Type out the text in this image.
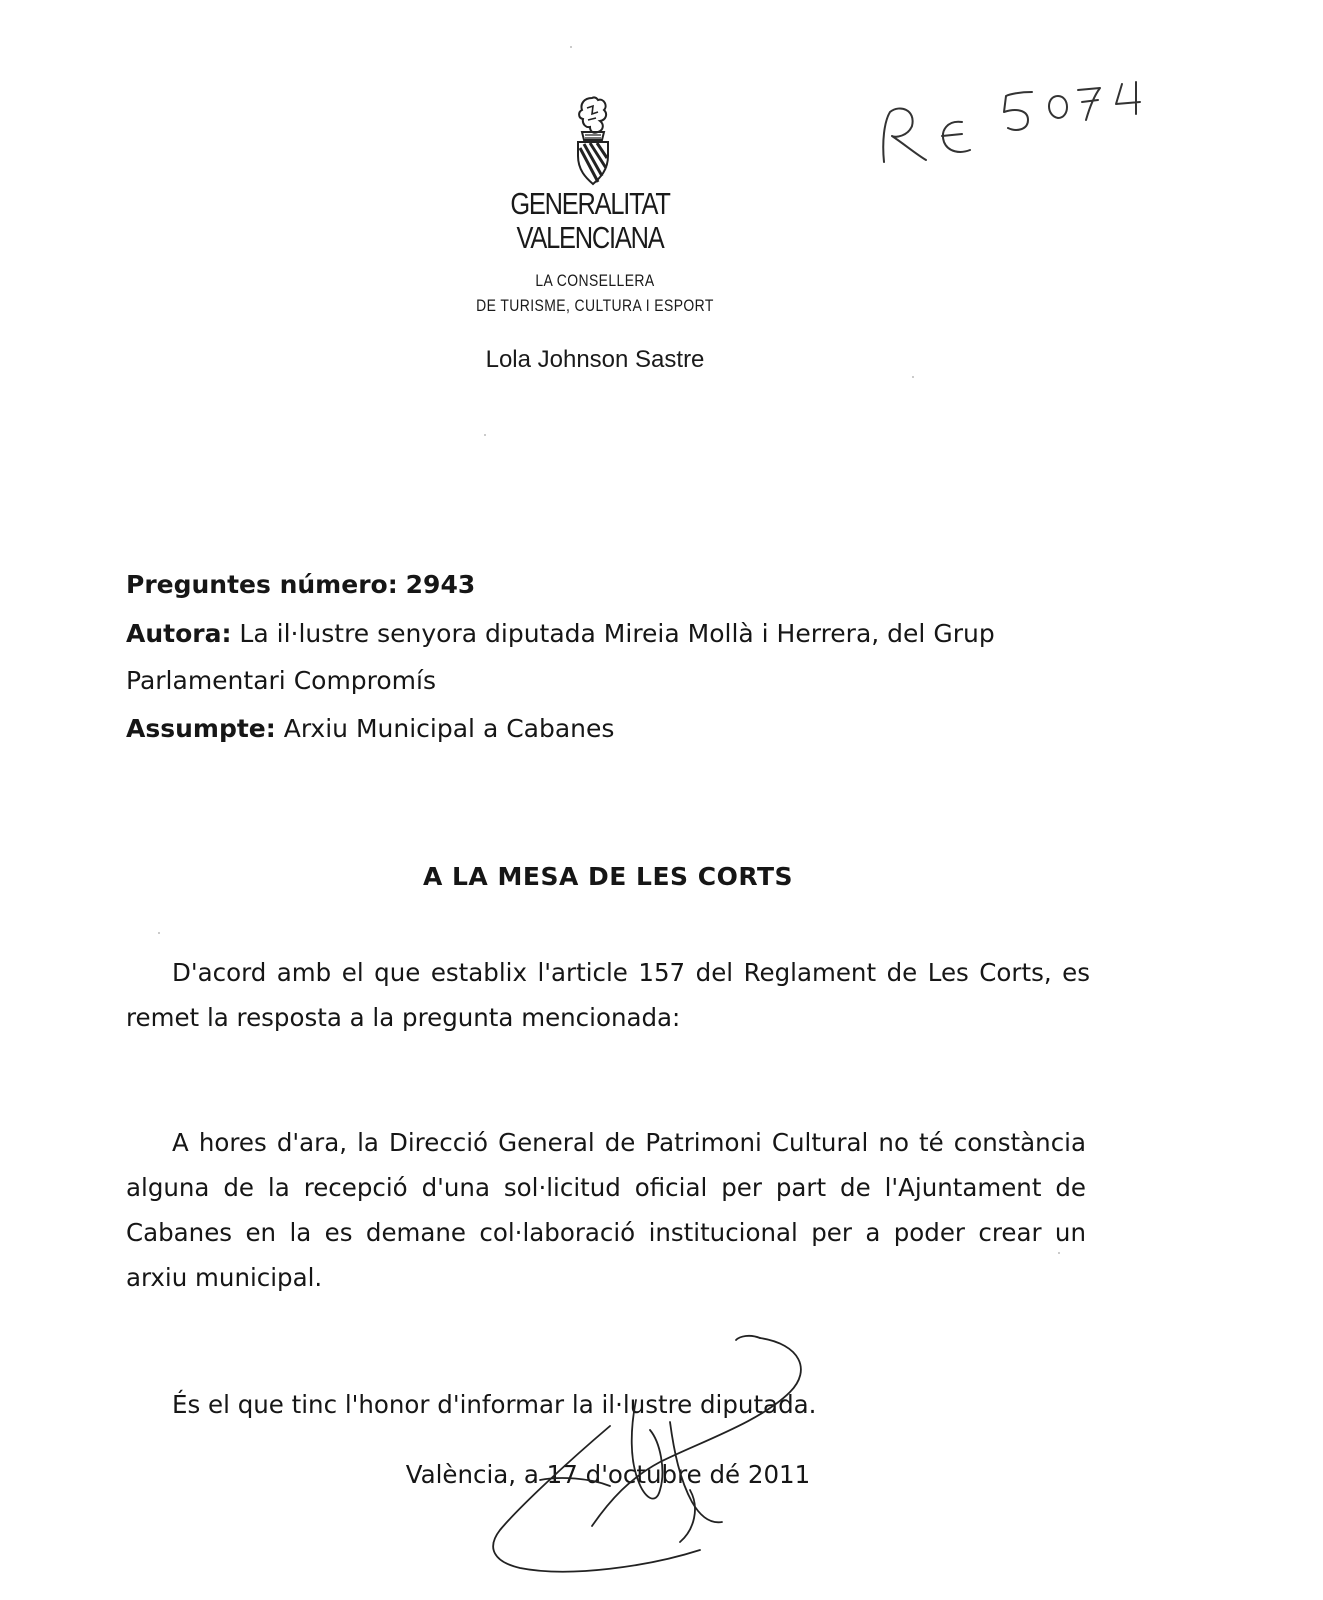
GENERALITAT
VALENCIANA
LA CONSELLERA
DE TURISME, CULTURA I ESPORT
Lola Johnson Sastre
Preguntes número: 2943
Autora: La il·lustre senyora diputada Mireia Mollà i Herrera, del Grup
Parlamentari Compromís
Assumpte: Arxiu Municipal a Cabanes
A LA MESA DE LES CORTS
D'acord amb el que establix l'article 157 del Reglament de Les Corts, es remet la resposta a la pregunta mencionada:
A hores d'ara, la Direcció General de Patrimoni Cultural no té constància alguna de la recepció d'una sol·licitud oficial per part de l'Ajuntament de Cabanes en la es demane col·laboració institucional per a poder crear un arxiu municipal.
És el que tinc l'honor d'informar la il·lustre diputada.
València, a 17 d'octubre dé 2011
